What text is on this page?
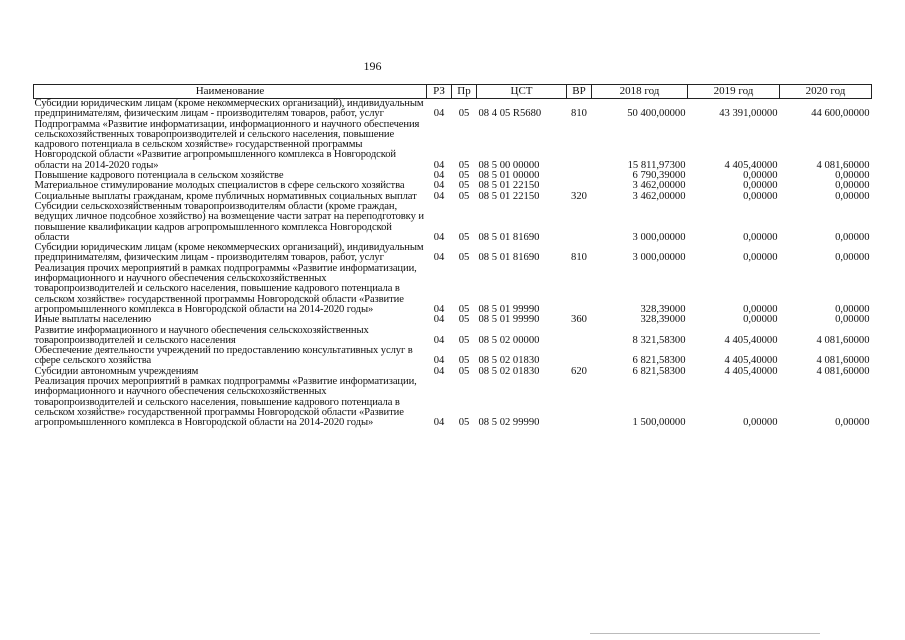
196
Наименование	РЗ	Пр	ЦСТ	ВР	2018 год	2019 год	2020 год
Субсидии юридическим лицам (кроме некоммерческих организаций), индивидуальным предпринимателям, физическим лицам - производителям товаров, работ, услуг	04	05	08 4 05 R5680	810	50 400,00000	43 391,00000	44 600,00000
Подпрограмма «Развитие информатизации, информационного и научного обеспечения сельскохозяйственных товаропроизводителей и сельского населения, повышение кадрового потенциала в сельском хозяйстве» государственной программы Новгородской области «Развитие агропромышленного комплекса в Новгородской области на 2014-2020 годы»	04	05	08 5 00 00000		15 811,97300	4 405,40000	4 081,60000
Повышение кадрового потенциала в сельском хозяйстве	04	05	08 5 01 00000		6 790,39000	0,00000	0,00000
Материальное стимулирование молодых специалистов в сфере сельского хозяйства	04	05	08 5 01 22150		3 462,00000	0,00000	0,00000
Социальные выплаты гражданам, кроме публичных нормативных социальных выплат	04	05	08 5 01 22150	320	3 462,00000	0,00000	0,00000
Субсидии сельскохозяйственным товаропроизводителям области (кроме граждан, ведущих личное подсобное хозяйство) на возмещение части затрат на переподготовку и повышение квалификации кадров агропромышленного комплекса Новгородской области	04	05	08 5 01 81690		3 000,00000	0,00000	0,00000
Субсидии юридическим лицам (кроме некоммерческих организаций), индивидуальным предпринимателям, физическим лицам - производителям товаров, работ, услуг	04	05	08 5 01 81690	810	3 000,00000	0,00000	0,00000
Реализация прочих мероприятий в рамках подпрограммы «Развитие информатизации, информационного и научного обеспечения сельскохозяйственных товаропроизводителей и сельского населения, повышение кадрового потенциала в сельском хозяйстве» государственной программы Новгородской области «Развитие агропромышленного комплекса в Новгородской области на 2014-2020 годы»	04	05	08 5 01 99990		328,39000	0,00000	0,00000
Иные выплаты населению	04	05	08 5 01 99990	360	328,39000	0,00000	0,00000
Развитие информационного и научного обеспечения сельскохозяйственных товаропроизводителей и сельского населения	04	05	08 5 02 00000		8 321,58300	4 405,40000	4 081,60000
Обеспечение деятельности учреждений по предоставлению консультативных услуг в сфере сельского хозяйства	04	05	08 5 02 01830		6 821,58300	4 405,40000	4 081,60000
Субсидии автономным учреждениям	04	05	08 5 02 01830	620	6 821,58300	4 405,40000	4 081,60000
Реализация прочих мероприятий в рамках подпрограммы «Развитие информатизации, информационного и научного обеспечения сельскохозяйственных товаропроизводителей и сельского населения, повышение кадрового потенциала в сельском хозяйстве» государственной программы Новгородской области «Развитие агропромышленного комплекса в Новгородской области на 2014-2020 годы»	04	05	08 5 02 99990		1 500,00000	0,00000	0,00000
